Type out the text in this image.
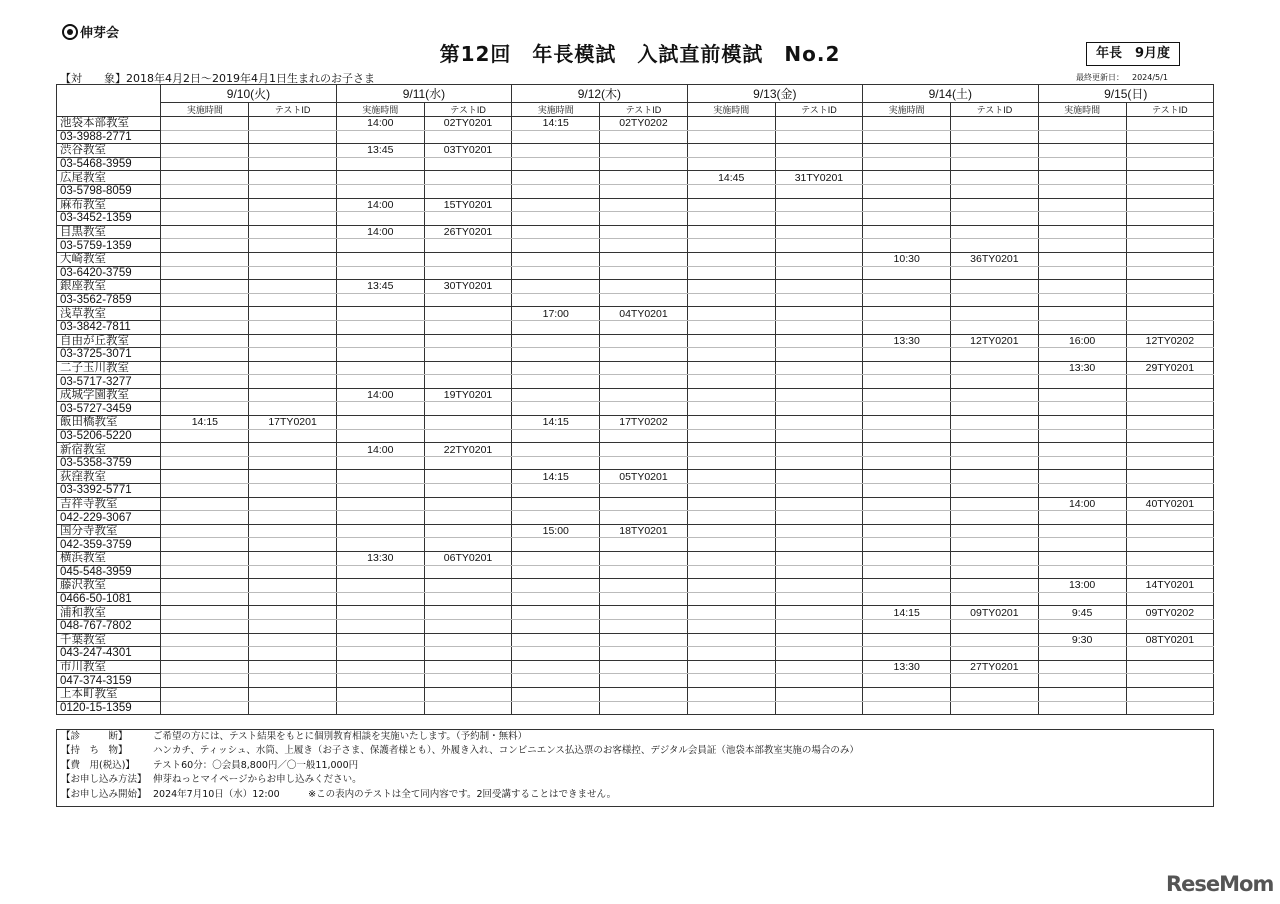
伸芽会
第12回　年長模試　入試直前模試　No.2	年長　9月度
【対　　象】2018年4月2日〜2019年4月1日生まれのお子さま	最終更新日： 2024/5/1
	9/10(火)		9/11(水)		9/12(木)		9/13(金)		9/14(土)		9/15(日)	
	実施時間	テストID	実施時間	テストID	実施時間	テストID	実施時間	テストID	実施時間	テストID	実施時間	テストID
池袋本部教室			14:00	02TY0201	14:15	02TY0202						
03-3988-2771												
渋谷教室			13:45	03TY0201								
03-5468-3959												
広尾教室							14:45	31TY0201				
03-5798-8059												
麻布教室			14:00	15TY0201								
03-3452-1359												
目黒教室			14:00	26TY0201								
03-5759-1359												
大崎教室									10:30	36TY0201		
03-6420-3759												
銀座教室			13:45	30TY0201								
03-3562-7859												
浅草教室					17:00	04TY0201						
03-3842-7811												
自由が丘教室									13:30	12TY0201	16:00	12TY0202
03-3725-3071												
二子玉川教室											13:30	29TY0201
03-5717-3277												
成城学園教室			14:00	19TY0201								
03-5727-3459												
飯田橋教室	14:15	17TY0201			14:15	17TY0202						
03-5206-5220												
新宿教室			14:00	22TY0201								
03-5358-3759												
荻窪教室					14:15	05TY0201						
03-3392-5771												
吉祥寺教室											14:00	40TY0201
042-229-3067												
国分寺教室					15:00	18TY0201						
042-359-3759												
横浜教室			13:30	06TY0201								
045-548-3959												
藤沢教室											13:00	14TY0201
0466-50-1081												
浦和教室									14:15	09TY0201	9:45	09TY0202
048-767-7802												
千葉教室											9:30	08TY0201
043-247-4301												
市川教室									13:30	27TY0201		
047-374-3159												
上本町教室												
0120-15-1359												
【診　　　断】	ご希望の方には、テスト結果をもとに個別教育相談を実施いたします。（予約制・無料）
【持　ち　物】	ハンカチ、ティッシュ、水筒、上履き（お子さま、保護者様とも）、外履き入れ、コンビニエンス払込票のお客様控、デジタル会員証（池袋本部教室実施の場合のみ）
【費　用(税込)】 テスト60分：〇会員8,800円／〇一般11,000円
【お申し込み方法】 伸芽ねっとマイページからお申し込みください。
【お申し込み開始】 2024年7月10日（水）12:00　　　※この表内のテストは全て同内容です。2回受講することはできません。
ReseMom
